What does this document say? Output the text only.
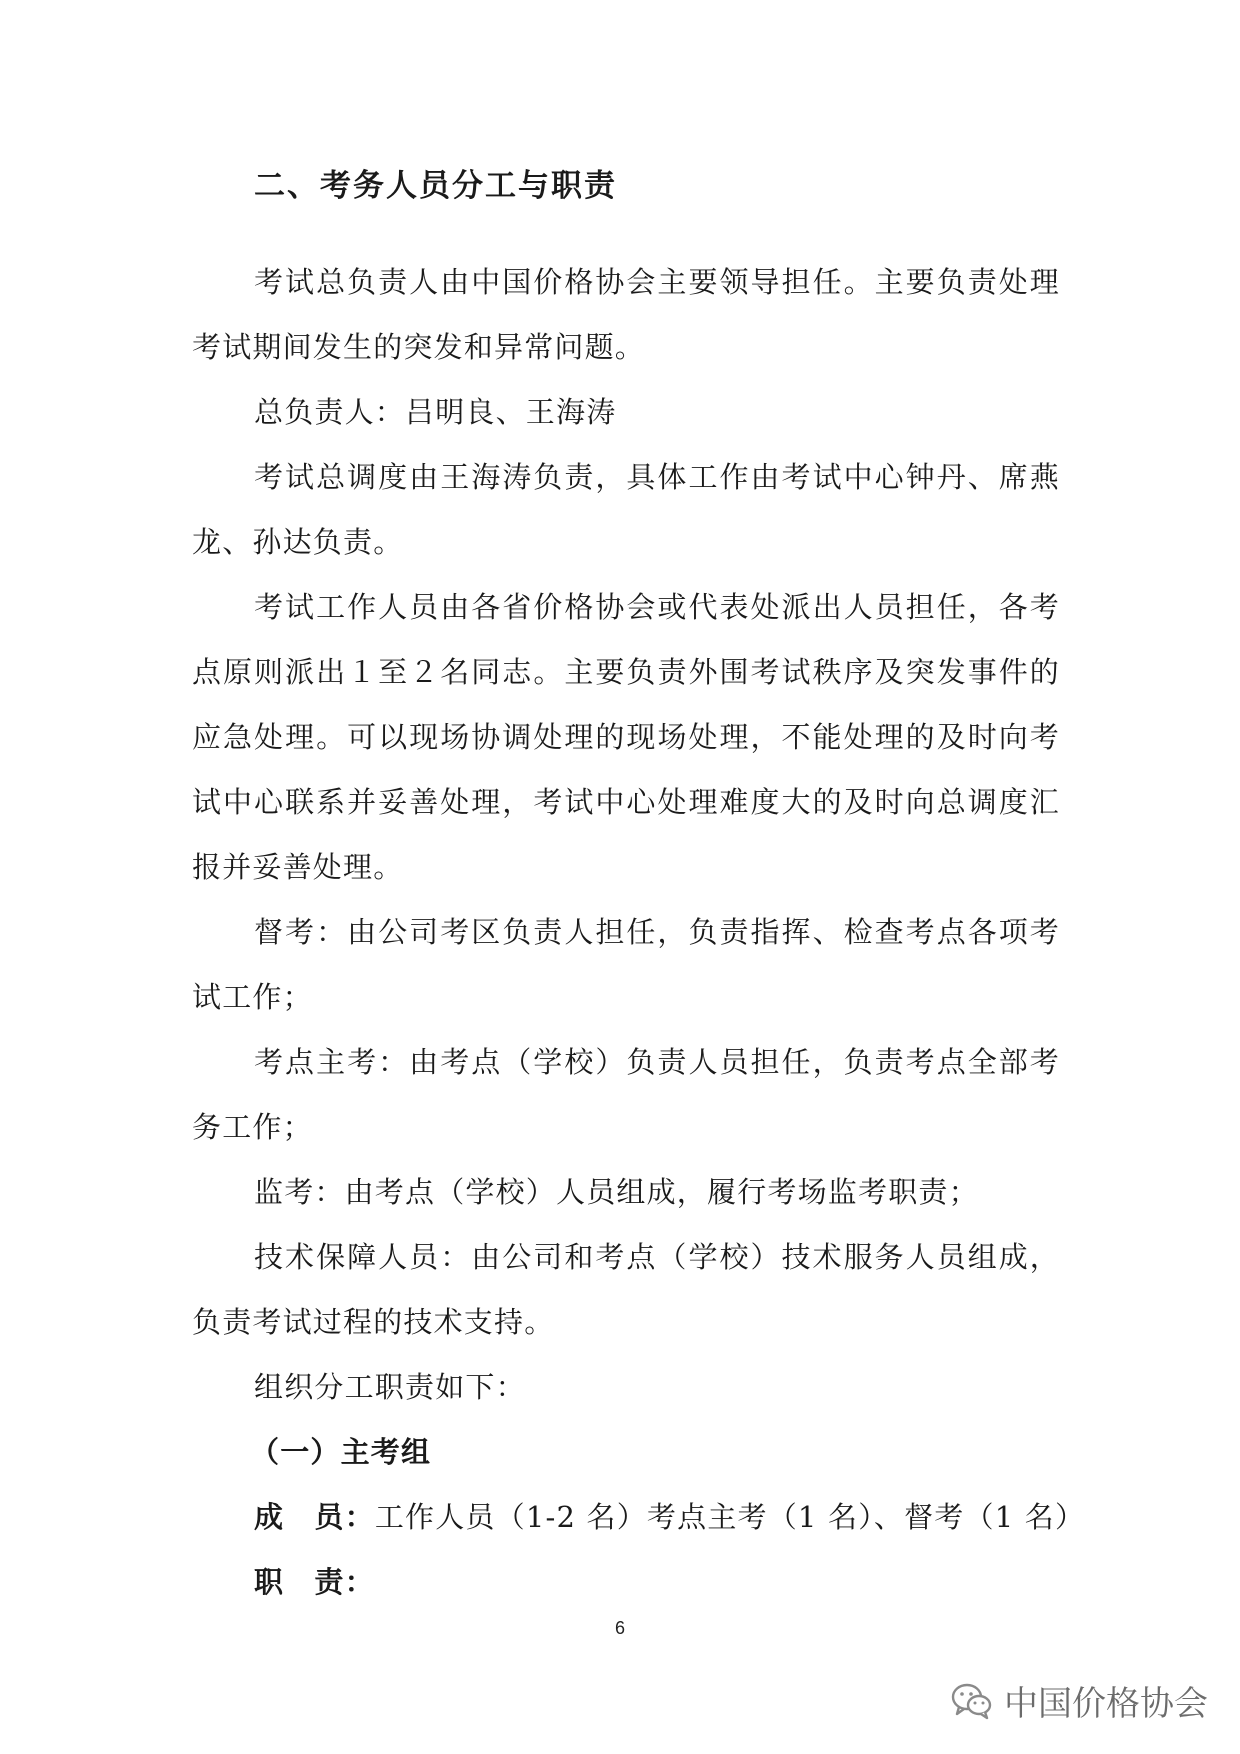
二、考务人员分工与职责

考试总负责人由中国价格协会主要领导担任。主要负责处理考试期间发生的突发和异常问题。

总负责人：吕明良、王海涛

考试总调度由王海涛负责，具体工作由考试中心钟丹、席燕龙、孙达负责。

考试工作人员由各省价格协会或代表处派出人员担任，各考点原则派出１至２名同志。主要负责外围考试秩序及突发事件的应急处理。可以现场协调处理的现场处理，不能处理的及时向考试中心联系并妥善处理，考试中心处理难度大的及时向总调度汇报并妥善处理。

督考：由公司考区负责人担任，负责指挥、检查考点各项考试工作；

考点主考：由考点（学校）负责人员担任，负责考点全部考务工作；

监考：由考点（学校）人员组成，履行考场监考职责；

技术保障人员：由公司和考点（学校）技术服务人员组成，负责考试过程的技术支持。

组织分工职责如下：

（一）主考组

成　员：工作人员（1-2 名）考点主考（1 名）、督考（1 名）

职　责：

6
中国价格协会
